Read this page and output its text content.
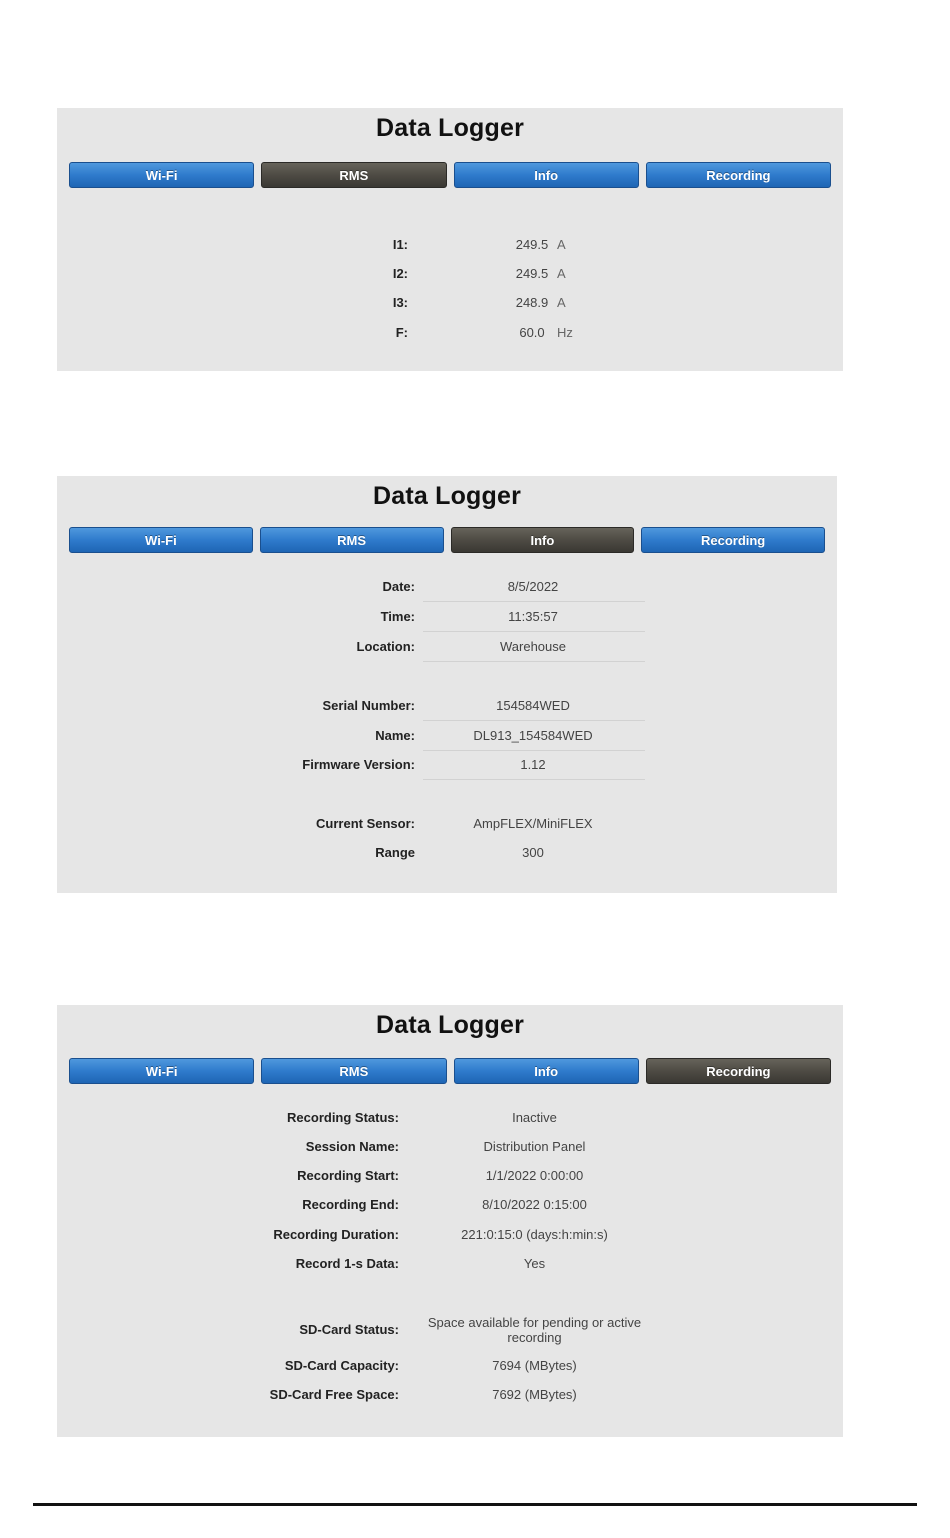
Data Logger
Wi-Fi	RMS	Info	Recording
I1:	249.5 A
I2:	249.5 A
I3:	248.9 A
F:	60.0 Hz
Data Logger
Wi-Fi	RMS	Info	Recording
Date:	8/5/2022
Time:	11:35:57
Location:	Warehouse
Serial Number:	154584WED
Name:	DL913_154584WED
Firmware Version:	1.12
Current Sensor:	AmpFLEX/MiniFLEX
Range	300
Data Logger
Wi-Fi	RMS	Info	Recording
Recording Status:	Inactive
Session Name:	Distribution Panel
Recording Start:	1/1/2022 0:00:00
Recording End:	8/10/2022 0:15:00
Recording Duration:	221:0:15:0 (days:h:min:s)
Record 1-s Data:	Yes
SD-Card Status:	Space available for pending or active recording
SD-Card Capacity:	7694 (MBytes)
SD-Card Free Space:	7692 (MBytes)
